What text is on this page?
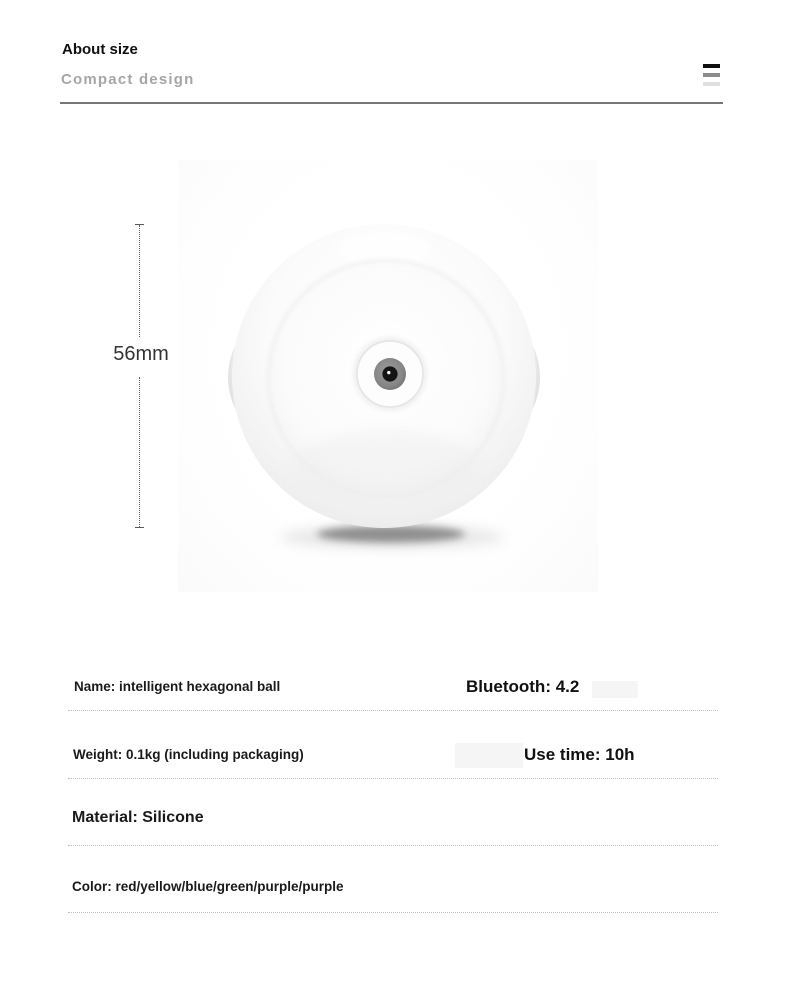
About size
Compact design
56mm
Name: intelligent hexagonal ball	Bluetooth: 4.2
Weight: 0.1kg (including packaging)	Use time: 10h
Material: Silicone
Color: red/yellow/blue/green/purple/purple
